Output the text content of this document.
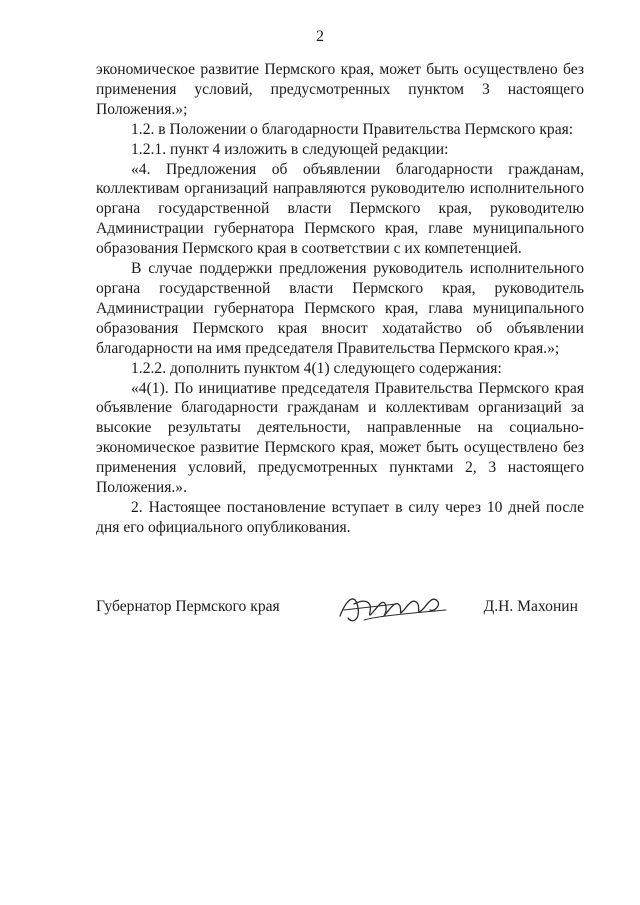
2

экономическое развитие Пермского края, может быть осуществлено без применения условий, предусмотренных пунктом 3 настоящего Положения.»;

1.2. в Положении о благодарности Правительства Пермского края:

1.2.1. пункт 4 изложить в следующей редакции:

«4. Предложения об объявлении благодарности гражданам, коллективам организаций направляются руководителю исполнительного органа государственной власти Пермского края, руководителю Администрации губернатора Пермского края, главе муниципального образования Пермского края в соответствии с их компетенцией.

В случае поддержки предложения руководитель исполнительного органа государственной власти Пермского края, руководитель Администрации губернатора Пермского края, глава муниципального образования Пермского края вносит ходатайство об объявлении благодарности на имя председателя Правительства Пермского края.»;

1.2.2. дополнить пунктом 4(1) следующего содержания:

«4(1). По инициативе председателя Правительства Пермского края объявление благодарности гражданам и коллективам организаций за высокие результаты деятельности, направленные на социально-экономическое развитие Пермского края, может быть осуществлено без применения условий, предусмотренных пунктами 2, 3 настоящего Положения.».

2. Настоящее постановление вступает в силу через 10 дней после дня его официального опубликования.

Губернатор Пермского края	Д.Н. Махонин
